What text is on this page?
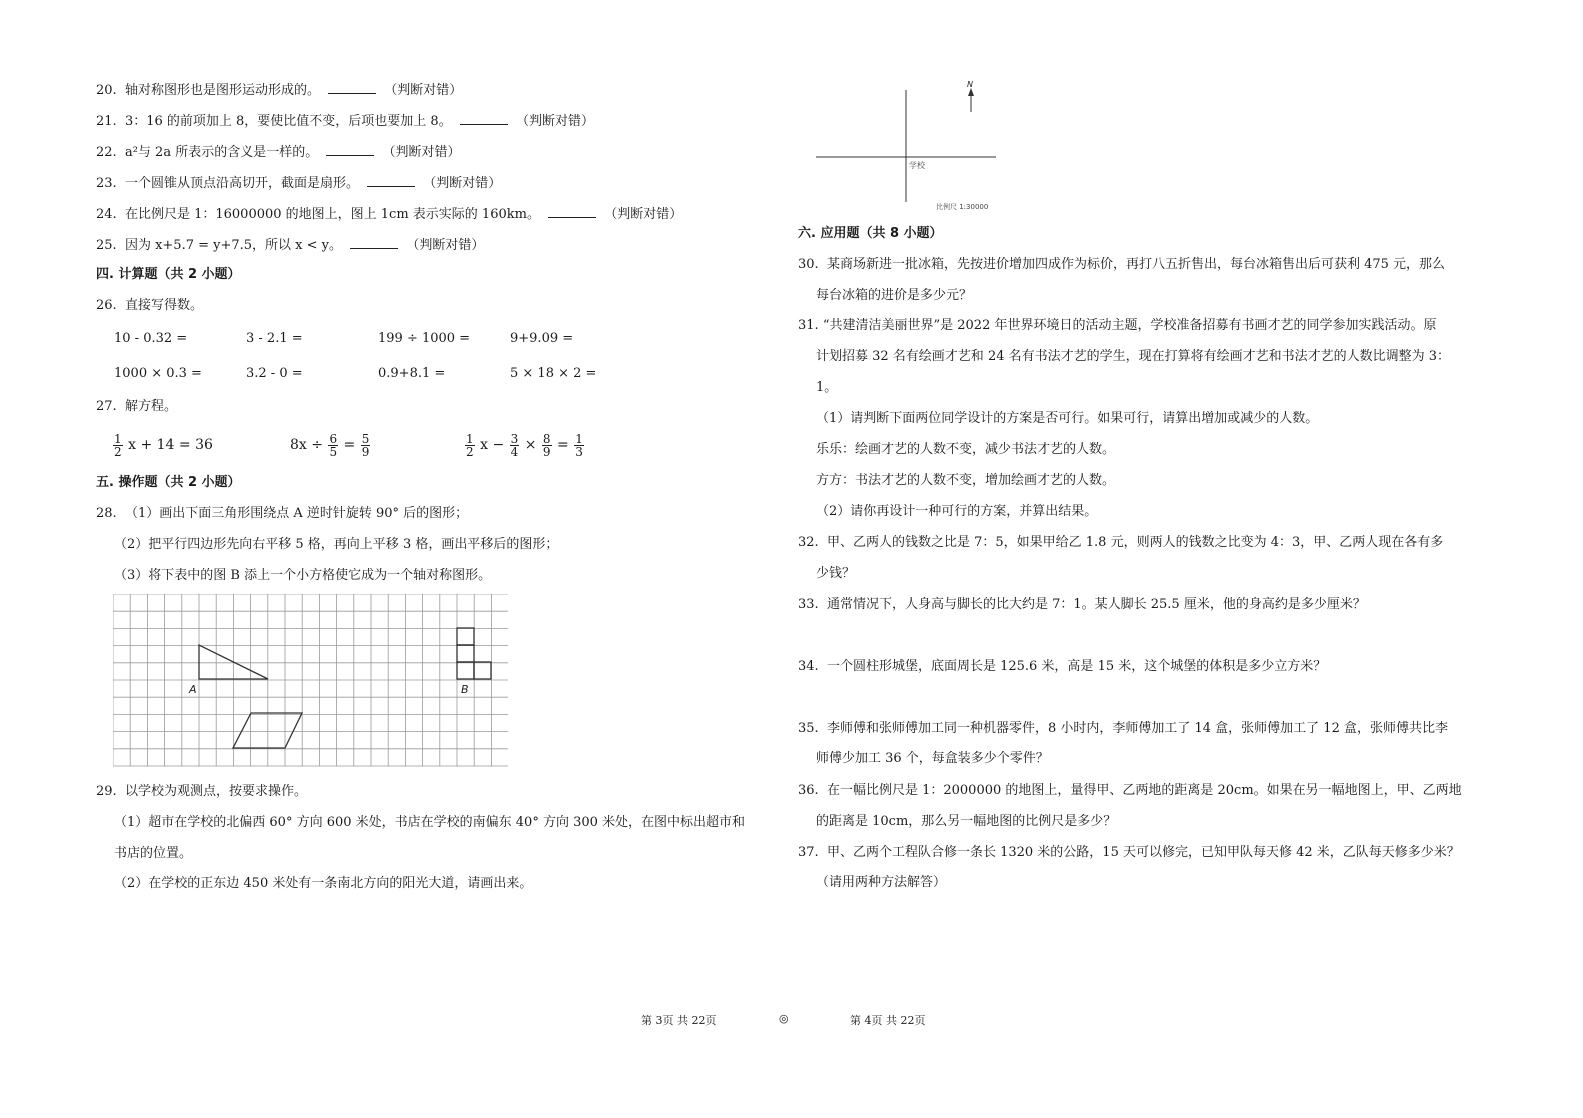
20. 轴对称图形也是图形运动形成的。	（判断对错）
21. 3：16 的前项加上 8，要使比值不变，后项也要加上 8。	（判断对错）
22. a²与 2a 所表示的含义是一样的。	（判断对错）
23. 一个圆锥从顶点沿高切开，截面是扇形。	（判断对错）
24. 在比例尺是 1：16000000 的地图上，图上 1cm 表示实际的 160km。	（判断对错）
25. 因为 x+5.7 = y+7.5，所以 x < y。	（判断对错）
四. 计算题（共 2 小题）
26. 直接写得数。
10 - 0.32 =	3 - 2.1 =	199 ÷ 1000 =	9+9.09 =
1000 × 0.3 =	3.2 - 0 =	0.9+8.1 =	5 × 18 × 2 =
27. 解方程。
$\frac{1}{2}$ x + 14 = 36	$8x \div \frac{6}{5} = \frac{5}{9}$	$\frac{1}{2}$ $x - \frac{3}{4} \times \frac{8}{9} = \frac{1}{3}$
五. 操作题（共 2 小题）
28. （1）画出下面三角形围绕点 A 逆时针旋转 90° 后的图形；
（2）把平行四边形先向右平移 5 格，再向上平移 3 格，画出平移后的图形；
（3）将下表中的图 B 添上一个小方格使它成为一个轴对称图形。
A	B
29. 以学校为观测点，按要求操作。
（1）超市在学校的北偏西 60° 方向 600 米处，书店在学校的南偏东 40° 方向 300 米处，在图中标出超市和
书店的位置。
（2）在学校的正东边 450 米处有一条南北方向的阳光大道，请画出来。
N
学校
比例尺 1:30000
六. 应用题（共 8 小题）
30. 某商场新进一批冰箱，先按进价增加四成作为标价，再打八五折售出，每台冰箱售出后可获利 475 元，那么
每台冰箱的进价是多少元？
31. “共建清洁美丽世界”是 2022 年世界环境日的活动主题，学校准备招募有书画才艺的同学参加实践活动。原
计划招募 32 名有绘画才艺和 24 名有书法才艺的学生，现在打算将有绘画才艺和书法才艺的人数比调整为 3：
1。
（1）请判断下面两位同学设计的方案是否可行。如果可行，请算出增加或减少的人数。
乐乐：绘画才艺的人数不变，减少书法才艺的人数。
方方：书法才艺的人数不变，增加绘画才艺的人数。
（2）请你再设计一种可行的方案，并算出结果。
32. 甲、乙两人的钱数之比是 7：5，如果甲给乙 1.8 元，则两人的钱数之比变为 4：3，甲、乙两人现在各有多
少钱？
33. 通常情况下，人身高与脚长的比大约是 7：1。某人脚长 25.5 厘米，他的身高约是多少厘米？
34. 一个圆柱形城堡，底面周长是 125.6 米，高是 15 米，这个城堡的体积是多少立方米？
35. 李师傅和张师傅加工同一种机器零件，8 小时内，李师傅加工了 14 盒，张师傅加工了 12 盒，张师傅共比李
师傅少加工 36 个，每盒装多少个零件？
36. 在一幅比例尺是 1：2000000 的地图上，量得甲、乙两地的距离是 20cm。如果在另一幅地图上，甲、乙两地
的距离是 10cm，那么另一幅地图的比例尺是多少？
37. 甲、乙两个工程队合修一条长 1320 米的公路，15 天可以修完，已知甲队每天修 42 米，乙队每天修多少米？
（请用两种方法解答）
第 3页 共 22页	◎	第 4页 共 22页
